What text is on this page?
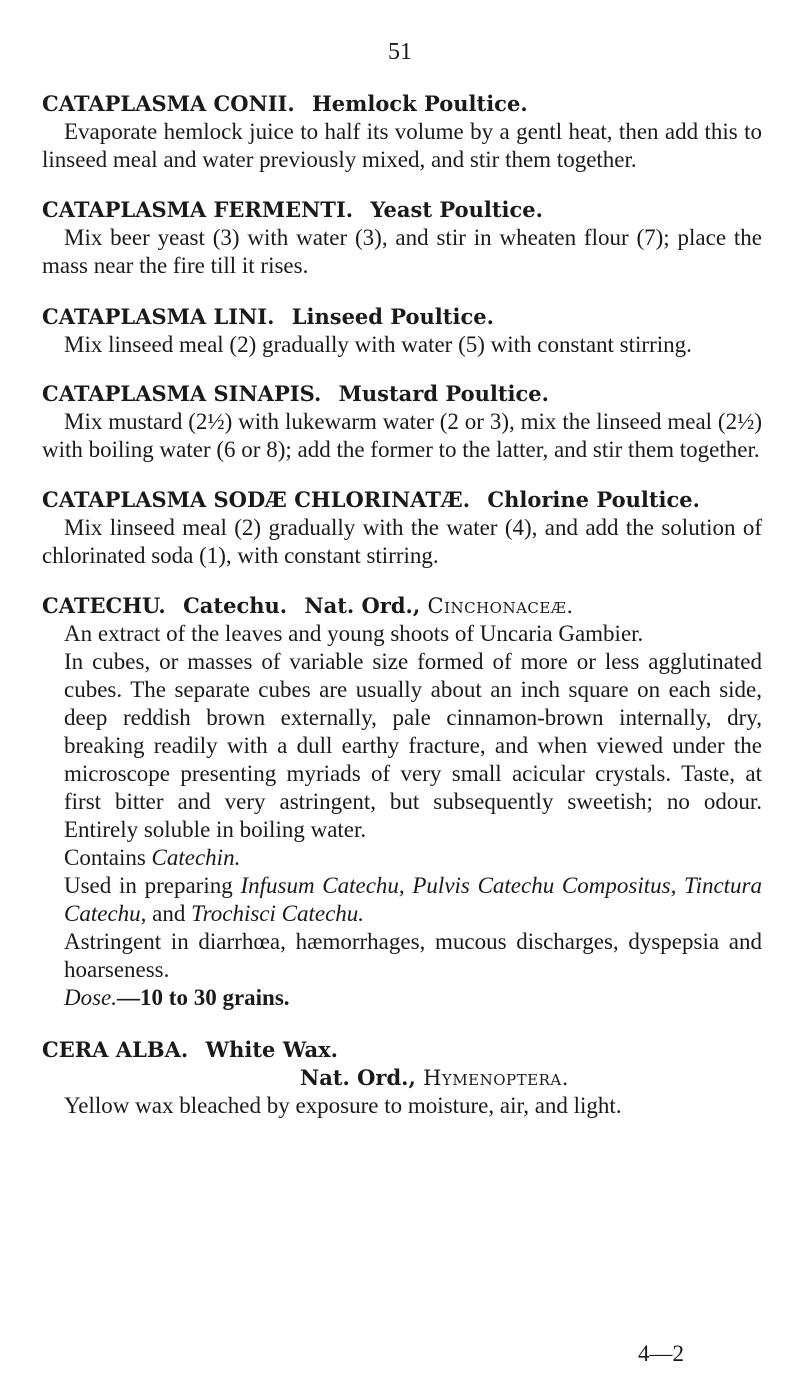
51
CATAPLASMA CONII. Hemlock Poultice.
Evaporate hemlock juice to half its volume by a gentl heat, then add this to linseed meal and water previously mixed, and stir them together.
CATAPLASMA FERMENTI. Yeast Poultice.
Mix beer yeast (3) with water (3), and stir in wheaten flour (7); place the mass near the fire till it rises.
CATAPLASMA LINI. Linseed Poultice.
Mix linseed meal (2) gradually with water (5) with constant stirring.
CATAPLASMA SINAPIS. Mustard Poultice.
Mix mustard (2½) with lukewarm water (2 or 3), mix the linseed meal (2½) with boiling water (6 or 8); add the former to the latter, and stir them together.
CATAPLASMA SODÆ CHLORINATÆ. Chlorine Poultice.
Mix linseed meal (2) gradually with the water (4), and add the solution of chlorinated soda (1), with constant stirring.
CATECHU. Catechu. Nat. Ord., Cinchonaceæ.
An extract of the leaves and young shoots of Uncaria Gambier.
In cubes, or masses of variable size formed of more or less agglutinated cubes. The separate cubes are usually about an inch square on each side, deep reddish brown externally, pale cinnamon-brown internally, dry, breaking readily with a dull earthy fracture, and when viewed under the microscope presenting myriads of very small acicular crystals. Taste, at first bitter and very astringent, but subsequently sweetish; no odour. Entirely soluble in boiling water.
Contains Catechin.
Used in preparing Infusum Catechu, Pulvis Catechu Compositus, Tinctura Catechu, and Trochisci Catechu.
Astringent in diarrhœa, hæmorrhages, mucous discharges, dyspepsia and hoarseness.
Dose.—10 to 30 grains.
CERA ALBA. White Wax.
Nat. Ord., Hymenoptera.
Yellow wax bleached by exposure to moisture, air, and light.
4—2
